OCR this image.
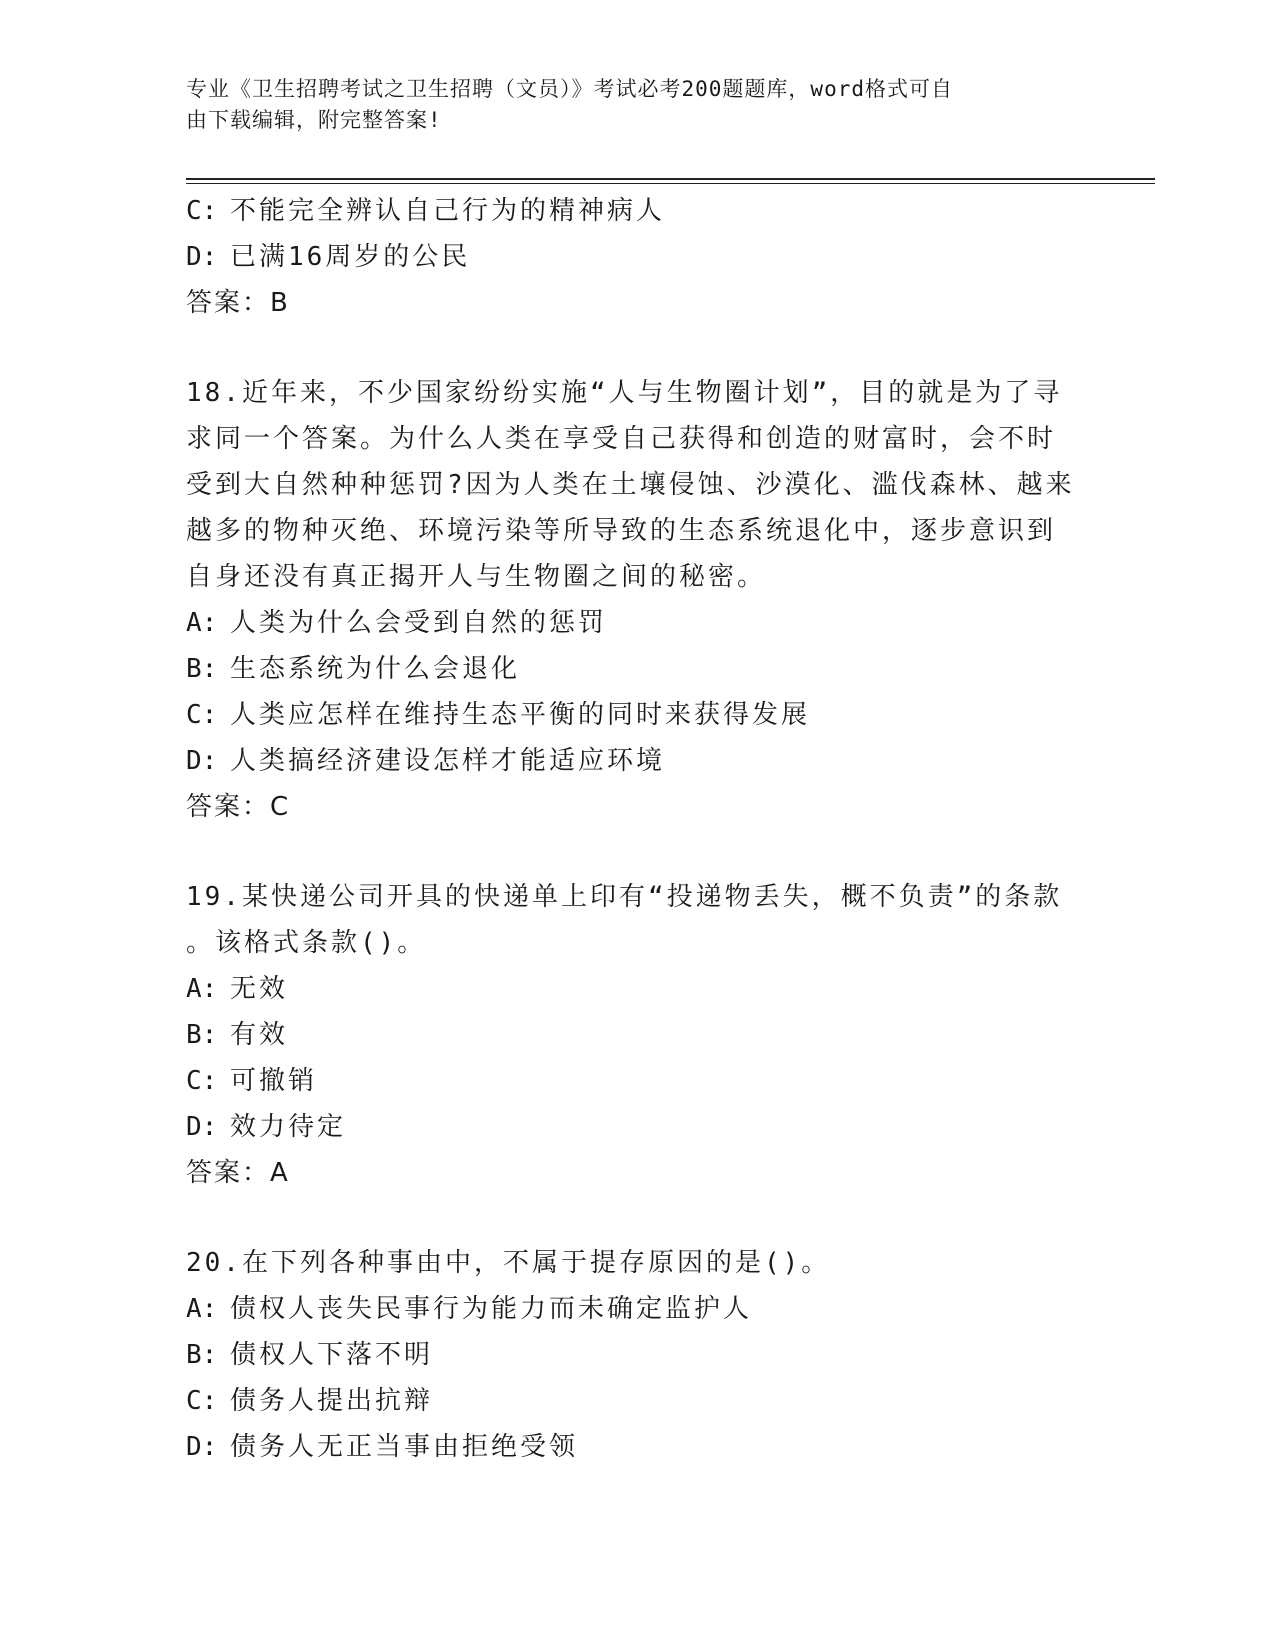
专业《卫生招聘考试之卫生招聘（文员）》考试必考200题题库，word格式可自
由下载编辑，附完整答案!
C: 不能完全辨认自己行为的精神病人
D: 已满16周岁的公民
答案：B
18.近年来，不少国家纷纷实施“人与生物圈计划”，目的就是为了寻
求同一个答案。为什么人类在享受自己获得和创造的财富时，会不时
受到大自然种种惩罚?因为人类在土壤侵蚀、沙漠化、滥伐森林、越来
越多的物种灭绝、环境污染等所导致的生态系统退化中，逐步意识到
自身还没有真正揭开人与生物圈之间的秘密。
A: 人类为什么会受到自然的惩罚
B: 生态系统为什么会退化
C: 人类应怎样在维持生态平衡的同时来获得发展
D: 人类搞经济建设怎样才能适应环境
答案：C
19.某快递公司开具的快递单上印有“投递物丢失，概不负责”的条款
。该格式条款()。
A: 无效
B: 有效
C: 可撤销
D: 效力待定
答案：A
20.在下列各种事由中，不属于提存原因的是()。
A: 债权人丧失民事行为能力而未确定监护人
B: 债权人下落不明
C: 债务人提出抗辩
D: 债务人无正当事由拒绝受领
